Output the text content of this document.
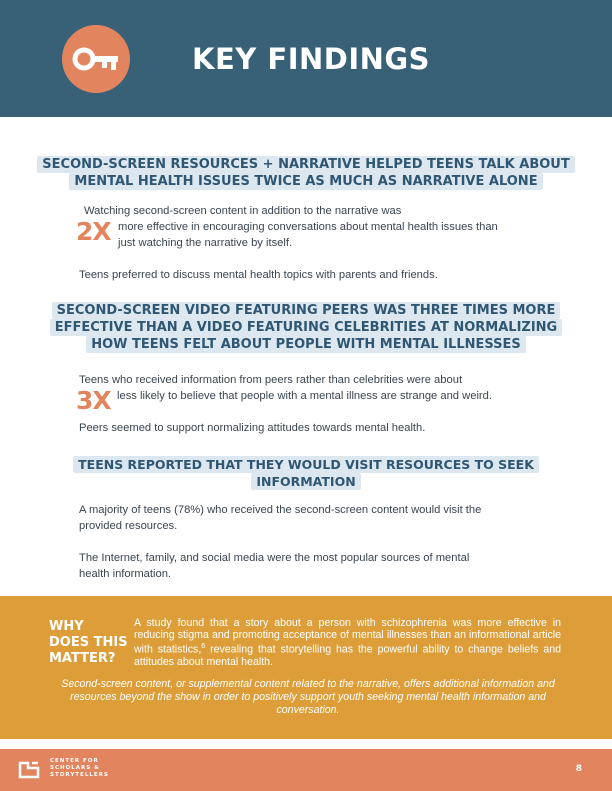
KEY FINDINGS
SECOND-SCREEN RESOURCES + NARRATIVE HELPED TEENS TALK ABOUT
MENTAL HEALTH ISSUES TWICE AS MUCH AS NARRATIVE ALONE
Watching second-screen content in addition to the narrative was
2X more effective in encouraging conversations about mental health issues than
just watching the narrative by itself.
Teens preferred to discuss mental health topics with parents and friends.
SECOND-SCREEN VIDEO FEATURING PEERS WAS THREE TIMES MORE
EFFECTIVE THAN A VIDEO FEATURING CELEBRITIES AT NORMALIZING
HOW TEENS FELT ABOUT PEOPLE WITH MENTAL ILLNESSES
Teens who received information from peers rather than celebrities were about
3X less likely to believe that people with a mental illness are strange and weird.
Peers seemed to support normalizing attitudes towards mental health.
TEENS REPORTED THAT THEY WOULD VISIT RESOURCES TO SEEK
INFORMATION
A majority of teens (78%) who received the second-screen content would visit the
provided resources.
The Internet, family, and social media were the most popular sources of mental
health information.
WHY
DOES THIS
MATTER?
A study found that a story about a person with schizophrenia was more effective in reducing stigma and promoting acceptance of mental illnesses than an informational article with statistics,$^6$ revealing that storytelling has the powerful ability to change beliefs and attitudes about mental health.
Second-screen content, or supplemental content related to the narrative, offers additional information and resources beyond the show in order to positively support youth seeking mental health information and conversation.
CENTER FOR
SCHOLARS &
STORYTELLERS
8
